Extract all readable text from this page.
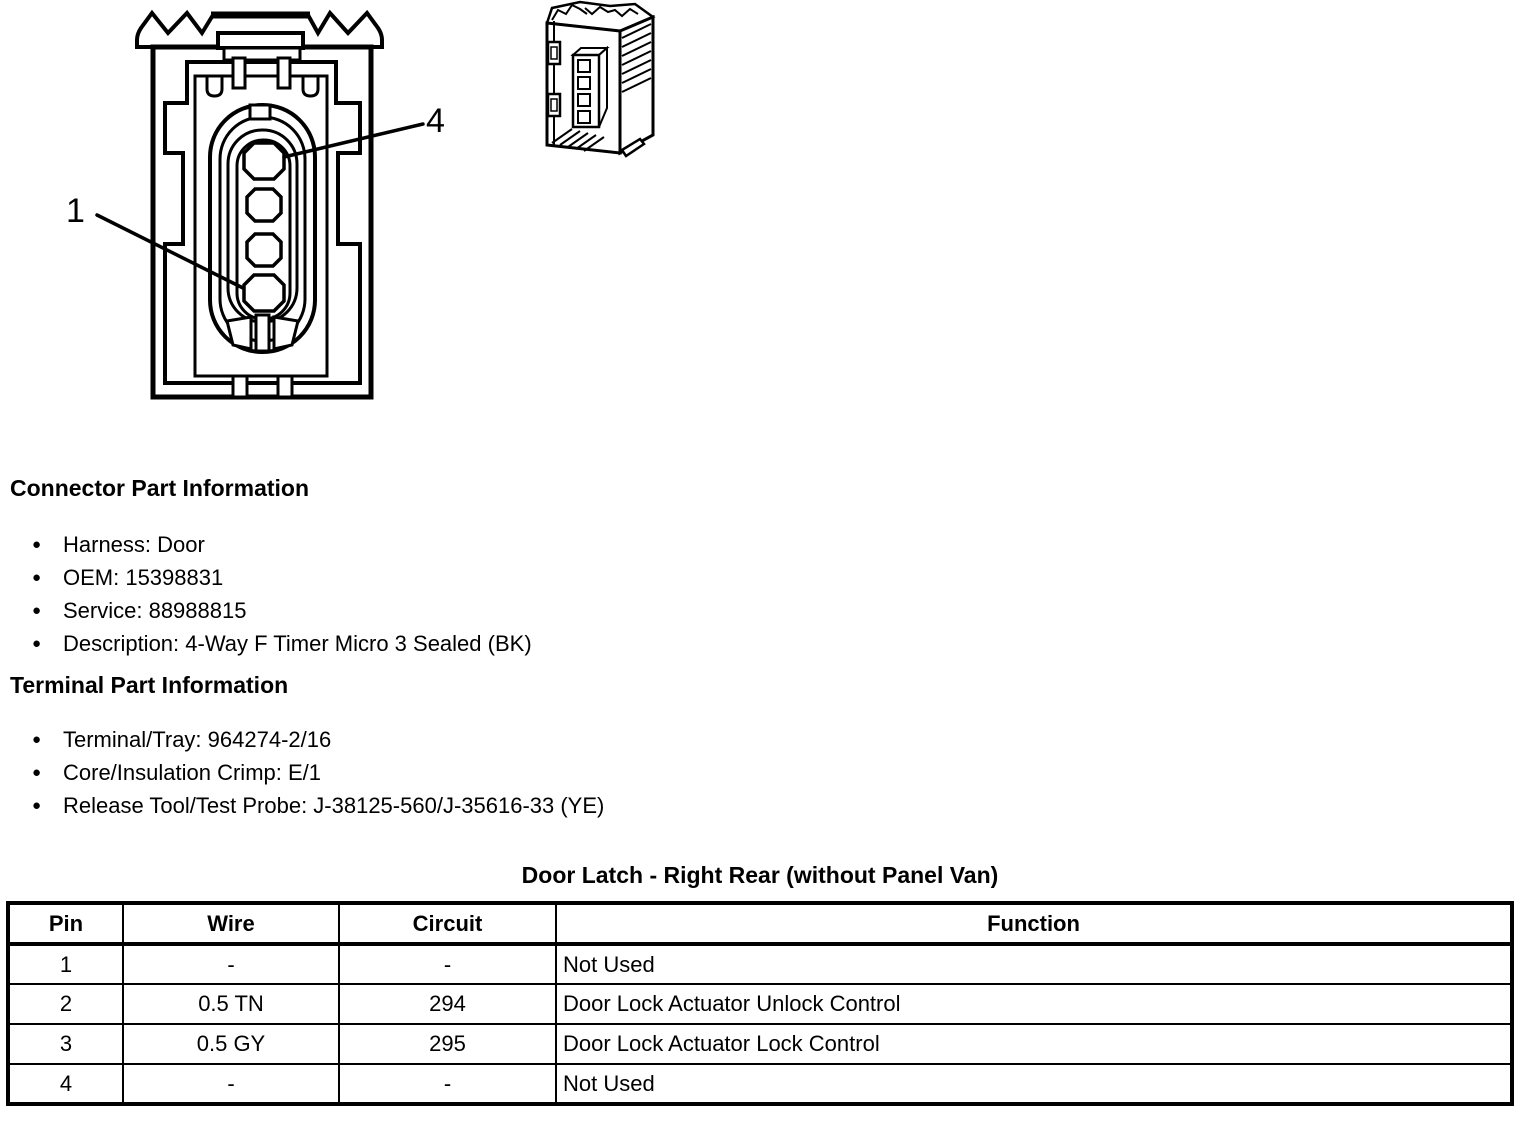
1
4
Connector Part Information
● Harness: Door
● OEM: 15398831
● Service: 88988815
● Description: 4-Way F Timer Micro 3 Sealed (BK)
Terminal Part Information
● Terminal/Tray: 964274-2/16
● Core/Insulation Crimp: E/1
● Release Tool/Test Probe: J-38125-560/J-35616-33 (YE)
Door Latch - Right Rear (without Panel Van)
Pin	Wire	Circuit	Function
1	-	-	Not Used
2	0.5 TN	294	Door Lock Actuator Unlock Control
3	0.5 GY	295	Door Lock Actuator Lock Control
4	-	-	Not Used
